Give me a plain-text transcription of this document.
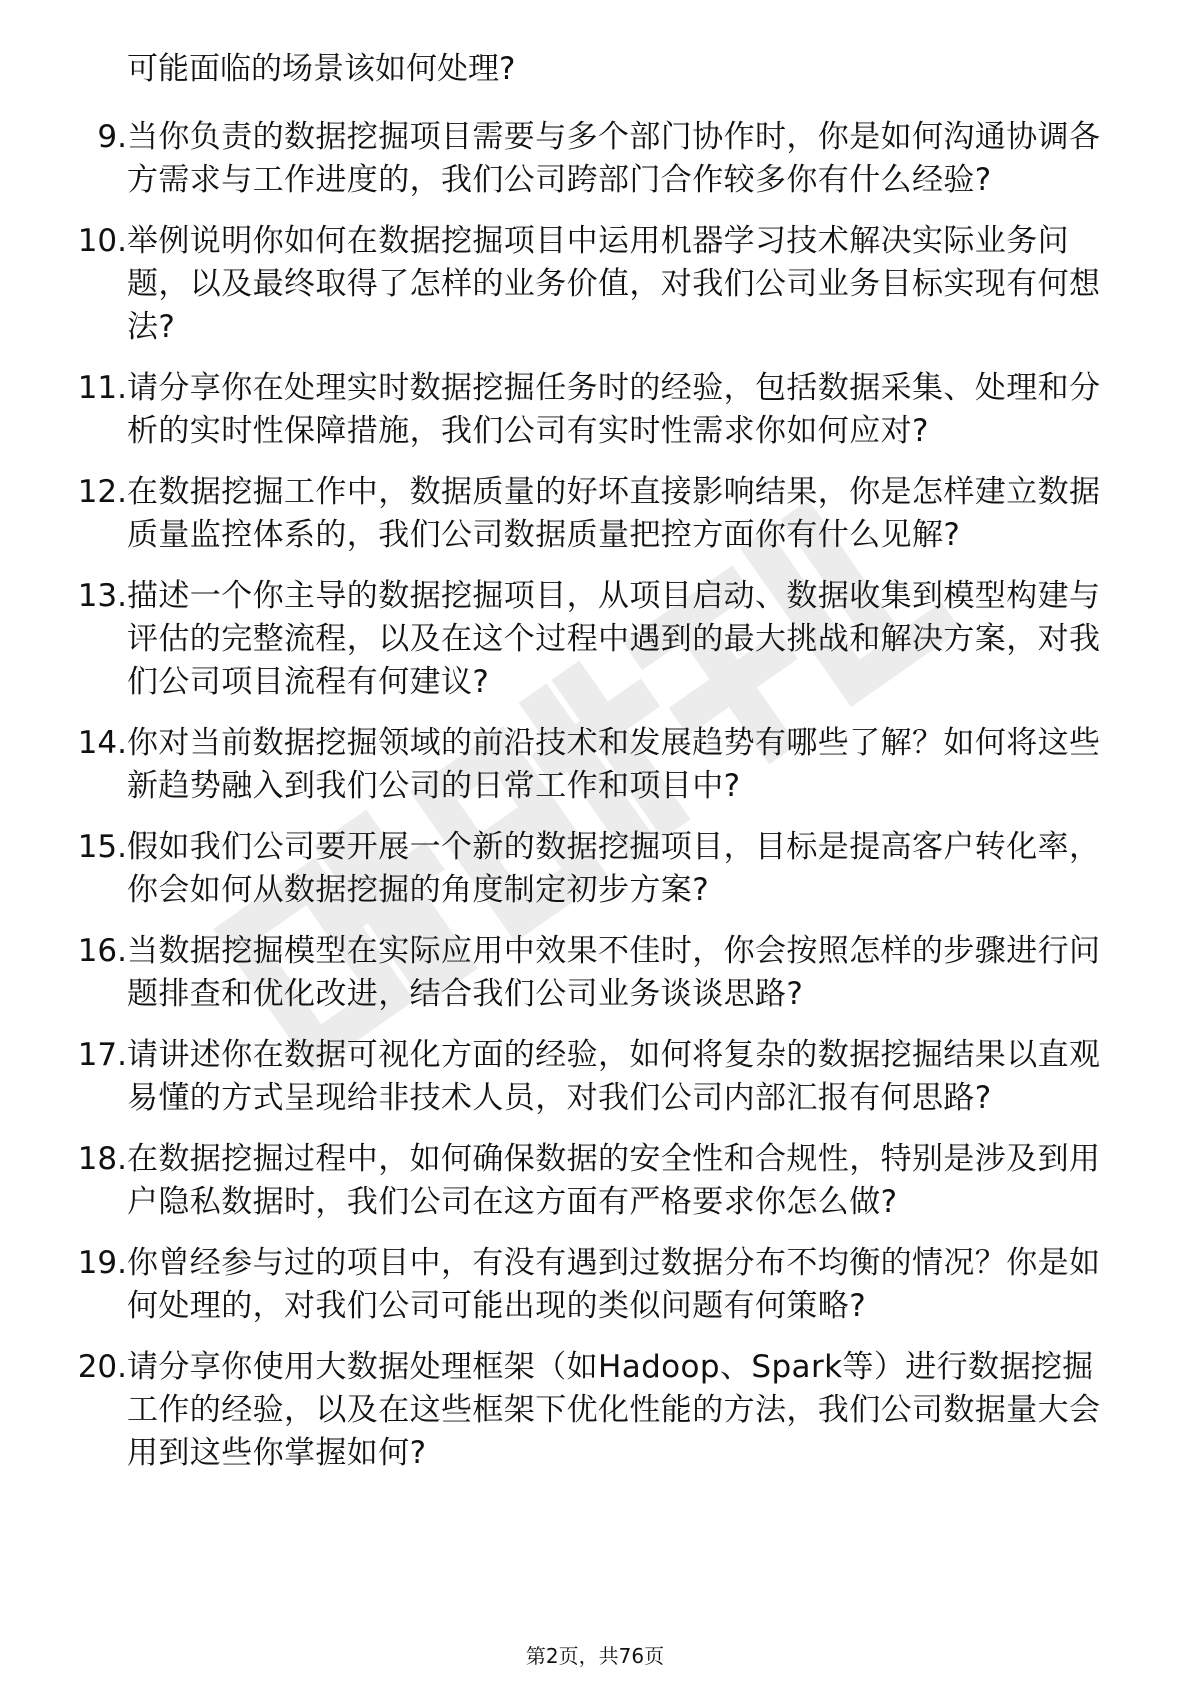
可能面临的场景该如何处理?
9. 当你负责的数据挖掘项目需要与多个部门协作时，你是如何沟通协调各方需求与工作进度的，我们公司跨部门合作较多你有什么经验?
10. 举例说明你如何在数据挖掘项目中运用机器学习技术解决实际业务问题，以及最终取得了怎样的业务价值，对我们公司业务目标实现有何想法?
11. 请分享你在处理实时数据挖掘任务时的经验，包括数据采集、处理和分析的实时性保障措施，我们公司有实时性需求你如何应对?
12. 在数据挖掘工作中，数据质量的好坏直接影响结果，你是怎样建立数据质量监控体系的，我们公司数据质量把控方面你有什么见解?
13. 描述一个你主导的数据挖掘项目，从项目启动、数据收集到模型构建与评估的完整流程，以及在这个过程中遇到的最大挑战和解决方案，对我们公司项目流程有何建议?
14. 你对当前数据挖掘领域的前沿技术和发展趋势有哪些了解？如何将这些新趋势融入到我们公司的日常工作和项目中?
15. 假如我们公司要开展一个新的数据挖掘项目，目标是提高客户转化率，你会如何从数据挖掘的角度制定初步方案?
16. 当数据挖掘模型在实际应用中效果不佳时，你会按照怎样的步骤进行问题排查和优化改进，结合我们公司业务谈谈思路?
17. 请讲述你在数据可视化方面的经验，如何将复杂的数据挖掘结果以直观易懂的方式呈现给非技术人员，对我们公司内部汇报有何思路?
18. 在数据挖掘过程中，如何确保数据的安全性和合规性，特别是涉及到用户隐私数据时，我们公司在这方面有严格要求你怎么做?
19. 你曾经参与过的项目中，有没有遇到过数据分布不均衡的情况？你是如何处理的，对我们公司可能出现的类似问题有何策略?
20. 请分享你使用大数据处理框架（如Hadoop、Spark等）进行数据挖掘工作的经验，以及在这些框架下优化性能的方法，我们公司数据量大会用到这些你掌握如何?
第2页，共76页
